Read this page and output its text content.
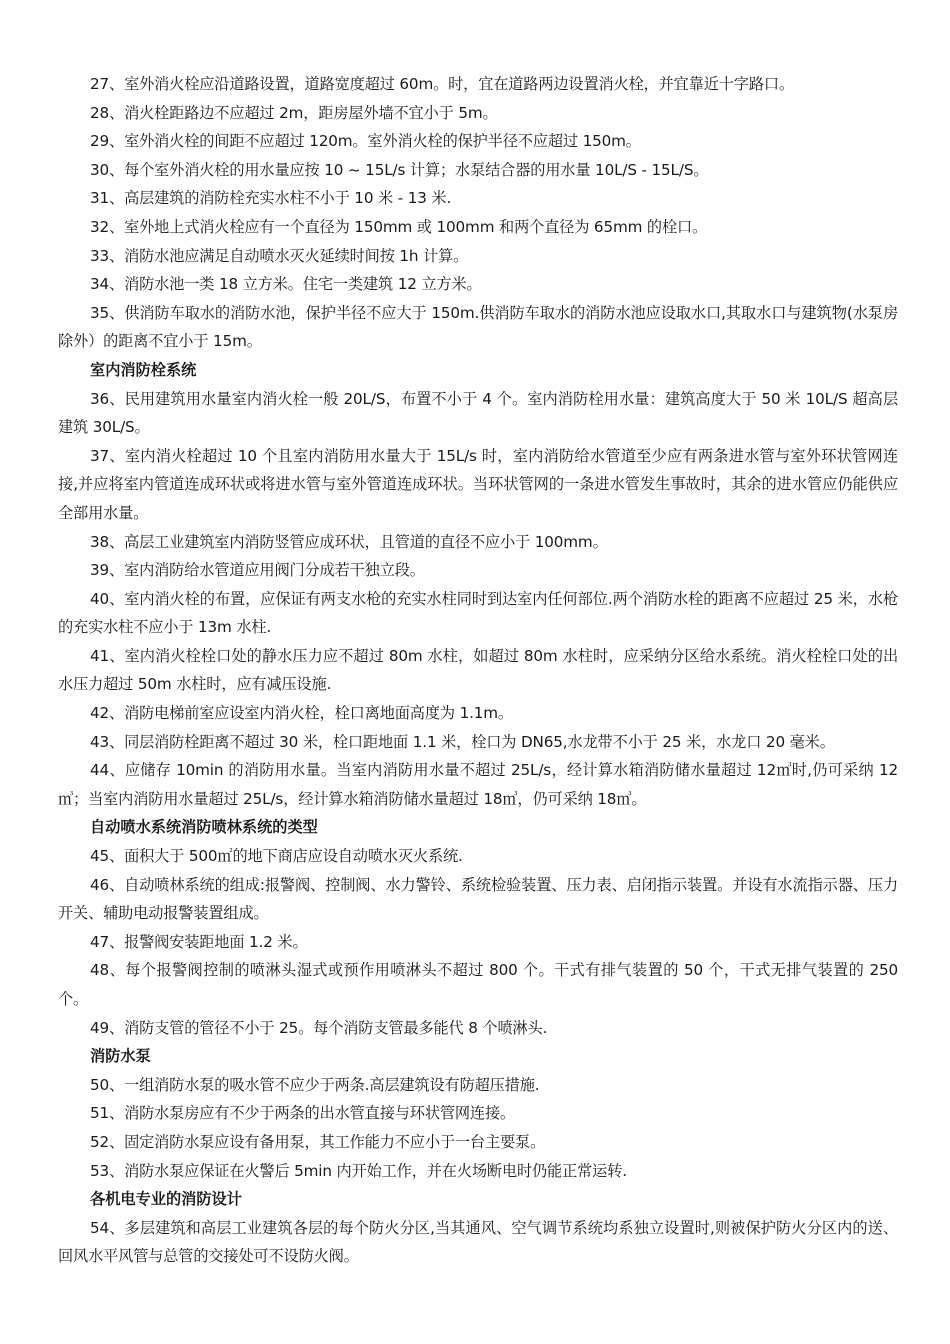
27、室外消火栓应沿道路设置，道路宽度超过 60m。时，宜在道路两边设置消火栓，并宜靠近十字路口。

28、消火栓距路边不应超过 2m，距房屋外墙不宜小于 5m。

29、室外消火栓的间距不应超过 120m。室外消火栓的保护半径不应超过 150m。

30、每个室外消火栓的用水量应按 10 ~ 15L/s 计算；水泵结合器的用水量 10L/S - 15L/S。

31、高层建筑的消防栓充实水柱不小于 10 米 - 13 米.

32、室外地上式消火栓应有一个直径为 150mm 或 100mm 和两个直径为 65mm 的栓口。

33、消防水池应满足自动喷水灭火延续时间按 1h 计算。

34、消防水池一类 18 立方米。住宅一类建筑 12 立方米。

35、供消防车取水的消防水池，保护半径不应大于 150m.供消防车取水的消防水池应设取水口,其取水口与建筑物(水泵房除外）的距离不宜小于 15m。

室内消防栓系统

36、民用建筑用水量室内消火栓一般 20L/S，布置不小于 4 个。室内消防栓用水量：建筑高度大于 50 米 10L/S 超高层建筑 30L/S。

37、室内消火栓超过 10 个且室内消防用水量大于 15L/s 时，室内消防给水管道至少应有两条进水管与室外环状管网连接,并应将室内管道连成环状或将进水管与室外管道连成环状。当环状管网的一条进水管发生事故时，其余的进水管应仍能供应全部用水量。

38、高层工业建筑室内消防竖管应成环状，且管道的直径不应小于 100mm。

39、室内消防给水管道应用阀门分成若干独立段。

40、室内消火栓的布置，应保证有两支水枪的充实水柱同时到达室内任何部位.两个消防水栓的距离不应超过 25 米，水枪的充实水柱不应小于 13m 水柱.

41、室内消火栓栓口处的静水压力应不超过 80m 水柱，如超过 80m 水柱时，应采纳分区给水系统。消火栓栓口处的出水压力超过 50m 水柱时，应有减压设施.

42、消防电梯前室应设室内消火栓，栓口离地面高度为 1.1m。

43、同层消防栓距离不超过 30 米，栓口距地面 1.1 米，栓口为 DN65,水龙带不小于 25 米，水龙口 20 毫米。

44、应储存 10min 的消防用水量。当室内消防用水量不超过 25L/s，经计算水箱消防储水量超过 12㎥时,仍可采纳 12㎥；当室内消防用水量超过 25L/s，经计算水箱消防储水量超过 18㎥，仍可采纳 18㎥。

自动喷水系统消防喷林系统的类型

45、面积大于 500㎡的地下商店应设自动喷水灭火系统.

46、自动喷林系统的组成:报警阀、控制阀、水力警铃、系统检验装置、压力表、启闭指示装置。并设有水流指示器、压力开关、辅助电动报警装置组成。

47、报警阀安装距地面 1.2 米。

48、每个报警阀控制的喷淋头湿式或预作用喷淋头不超过 800 个。干式有排气装置的 50 个，干式无排气装置的 250 个。

49、消防支管的管径不小于 25。每个消防支管最多能代 8 个喷淋头.

消防水泵

50、一组消防水泵的吸水管不应少于两条.高层建筑设有防超压措施.

51、消防水泵房应有不少于两条的出水管直接与环状管网连接。

52、固定消防水泵应设有备用泵，其工作能力不应小于一台主要泵。

53、消防水泵应保证在火警后 5min 内开始工作，并在火场断电时仍能正常运转.

各机电专业的消防设计

54、多层建筑和高层工业建筑各层的每个防火分区,当其通风、空气调节系统均系独立设置时,则被保护防火分区内的送、回风水平风管与总管的交接处可不设防火阀。
